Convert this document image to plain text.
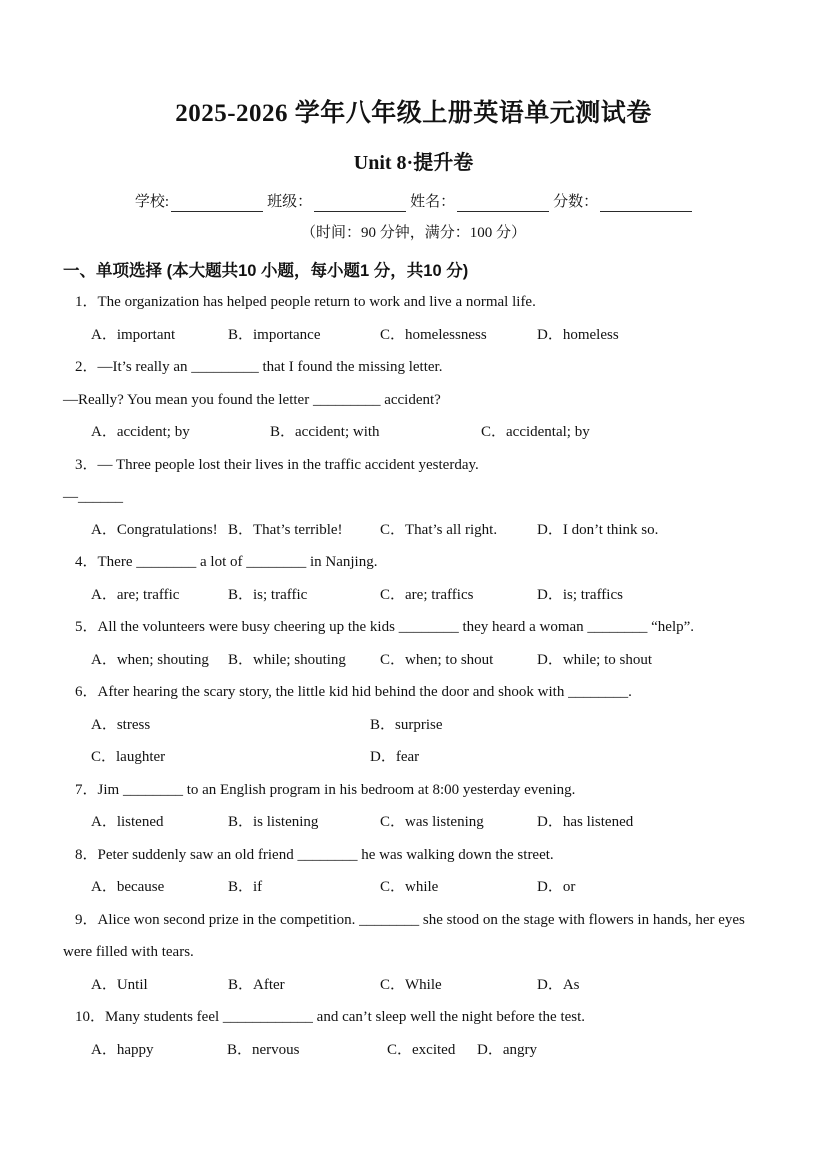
2025-2026 学年八年级上册英语单元测试卷
Unit 8·提升卷
学校:	班级：	姓名：	分数：
（时间：90 分钟，满分：100 分）
一、单项选择 (本大题共10 小题，每小题1 分，共10 分)
1．The organization has helped people return to work and live a normal life.
A．important	B．importance	C．homelessness	D．homeless
2．—It’s really an _________ that I found the missing letter.
—Really? You mean you found the letter _________ accident?
A．accident; by	B．accident; with	C．accidental; by
3．— Three people lost their lives in the traffic accident yesterday.
—______
A．Congratulations! B．That’s terrible!	C．That’s all right.	D．I don’t think so.
4．There ________ a lot of ________ in Nanjing.
A．are; traffic	B．is; traffic	C．are; traffics	D．is; traffics
5．All the volunteers were busy cheering up the kids ________ they heard a woman ________ “help”.
A．when; shouting	B．while; shouting	C．when; to shout	D．while; to shout
6．After hearing the scary story, the little kid hid behind the door and shook with ________.
A．stress	B．surprise
C．laughter	D．fear
7．Jim ________ to an English program in his bedroom at 8:00 yesterday evening.
A．listened	B．is listening	C．was listening	D．has listened
8．Peter suddenly saw an old friend ________ he was walking down the street.
A．because	B．if	C．while	D．or
9．Alice won second prize in the competition. ________ she stood on the stage with flowers in hands, her eyes
were filled with tears.
A．Until	B．After	C．While	D．As
10．Many students feel ____________ and can’t sleep well the night before the test.
A．happy	B．nervous	C．excited	D．angry
